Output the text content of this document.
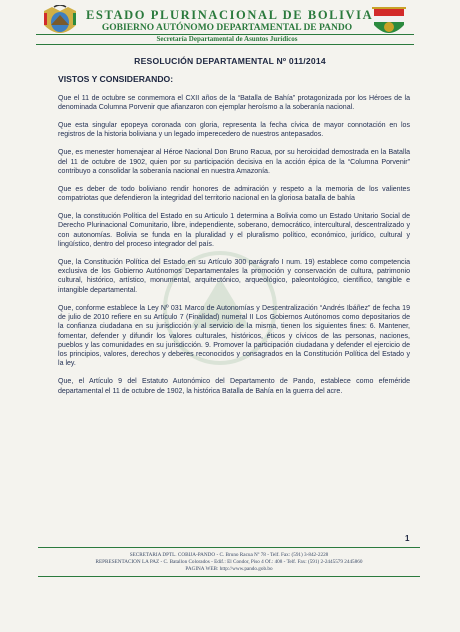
ESTADO PLURINACIONAL DE BOLIVIA
GOBIERNO AUTÓNOMO DEPARTAMENTAL DE PANDO
Secretaría Departamental de Asuntos Jurídicos
RESOLUCIÓN DEPARTAMENTAL Nº 011/2014
VISTOS Y CONSIDERANDO:

Que el 11 de octubre se conmemora el CXII años de la “Batalla de Bahía” protagonizada por los Héroes de la denominada Columna Porvenir que afianzaron con ejemplar heroísmo a la soberanía nacional.

Que esta singular epopeya coronada con gloria, representa la fecha cívica de mayor connotación en los registros de la historia boliviana y un legado imperecedero de nuestros antepasados.

Que, es menester homenajear al Héroe Nacional Don Bruno Racua, por su heroicidad demostrada en la Batalla del 11 de octubre de 1902, quien por su participación decisiva en la acción épica de la “Columna Porvenir” contribuyo a consolidar la soberanía nacional en nuestra Amazonía.

Que es deber de todo boliviano rendir honores de admiración y respeto a la memoria de los valientes compatriotas que defendieron la integridad del territorio nacional en la gloriosa batalla de bahía

Que, la constitución Política del Estado en su Articulo 1 determina a Bolivia como un Estado Unitario Social de Derecho Plurinacional Comunitario, libre, independiente, soberano, democrático, intercultural, descentralizado y con autonomías. Bolivia se funda en la pluralidad y el pluralismo político, económico, jurídico, cultural y lingüístico, dentro del proceso integrador del país.

Que, la Constitución Política del Estado en su Artículo 300 parágrafo I num. 19) establece como competencia exclusiva de los Gobierno Autónomos Departamentales la promoción y conservación de cultura, patrimonio cultural, histórico, artístico, monumental, arquitectónico, arqueológico, paleontológico, científico, tangible e intangible departamental.

Que, conforme establece la Ley Nº 031 Marco de Autonomías y Descentralización “Andrés Ibáñez” de fecha 19 de julio de 2010 refiere en su Artículo 7 (Finalidad) numeral II Los Gobiernos Autónomos como depositarios de la confianza ciudadana en su jurisdicción y al servicio de la misma, tienen los siguientes fines: 6. Mantener, fomentar, defender y difundir los valores culturales, históricos, éticos y cívicos de las personas, naciones, pueblos y las comunidades en su jurisdicción. 9. Promover la participación ciudadana y defender el ejercicio de los principios, valores, derechos y deberes reconocidos y consagrados en la Constitución Política del Estado y la ley.

Que, el Artículo 9 del Estatuto Autonómico del Departamento de Pando, establece como efeméride departamental el 11 de octubre de 1902, la histórica Batalla de Bahía en la guerra del acre.

1
SECRETARIA DPTL. COBIJA-PANDO - C. Bruno Racua Nº 78 - Telf. Fax: (591) 3-842-2228
REPRESENTACION LA PAZ - C. Batallon Colorados - Edif.: El Condor, Piso 4 Of.: 408 - Telf. Fax: (591) 2-2445579 2445860
PAGINA WEB: http://www.pando.gob.bo
